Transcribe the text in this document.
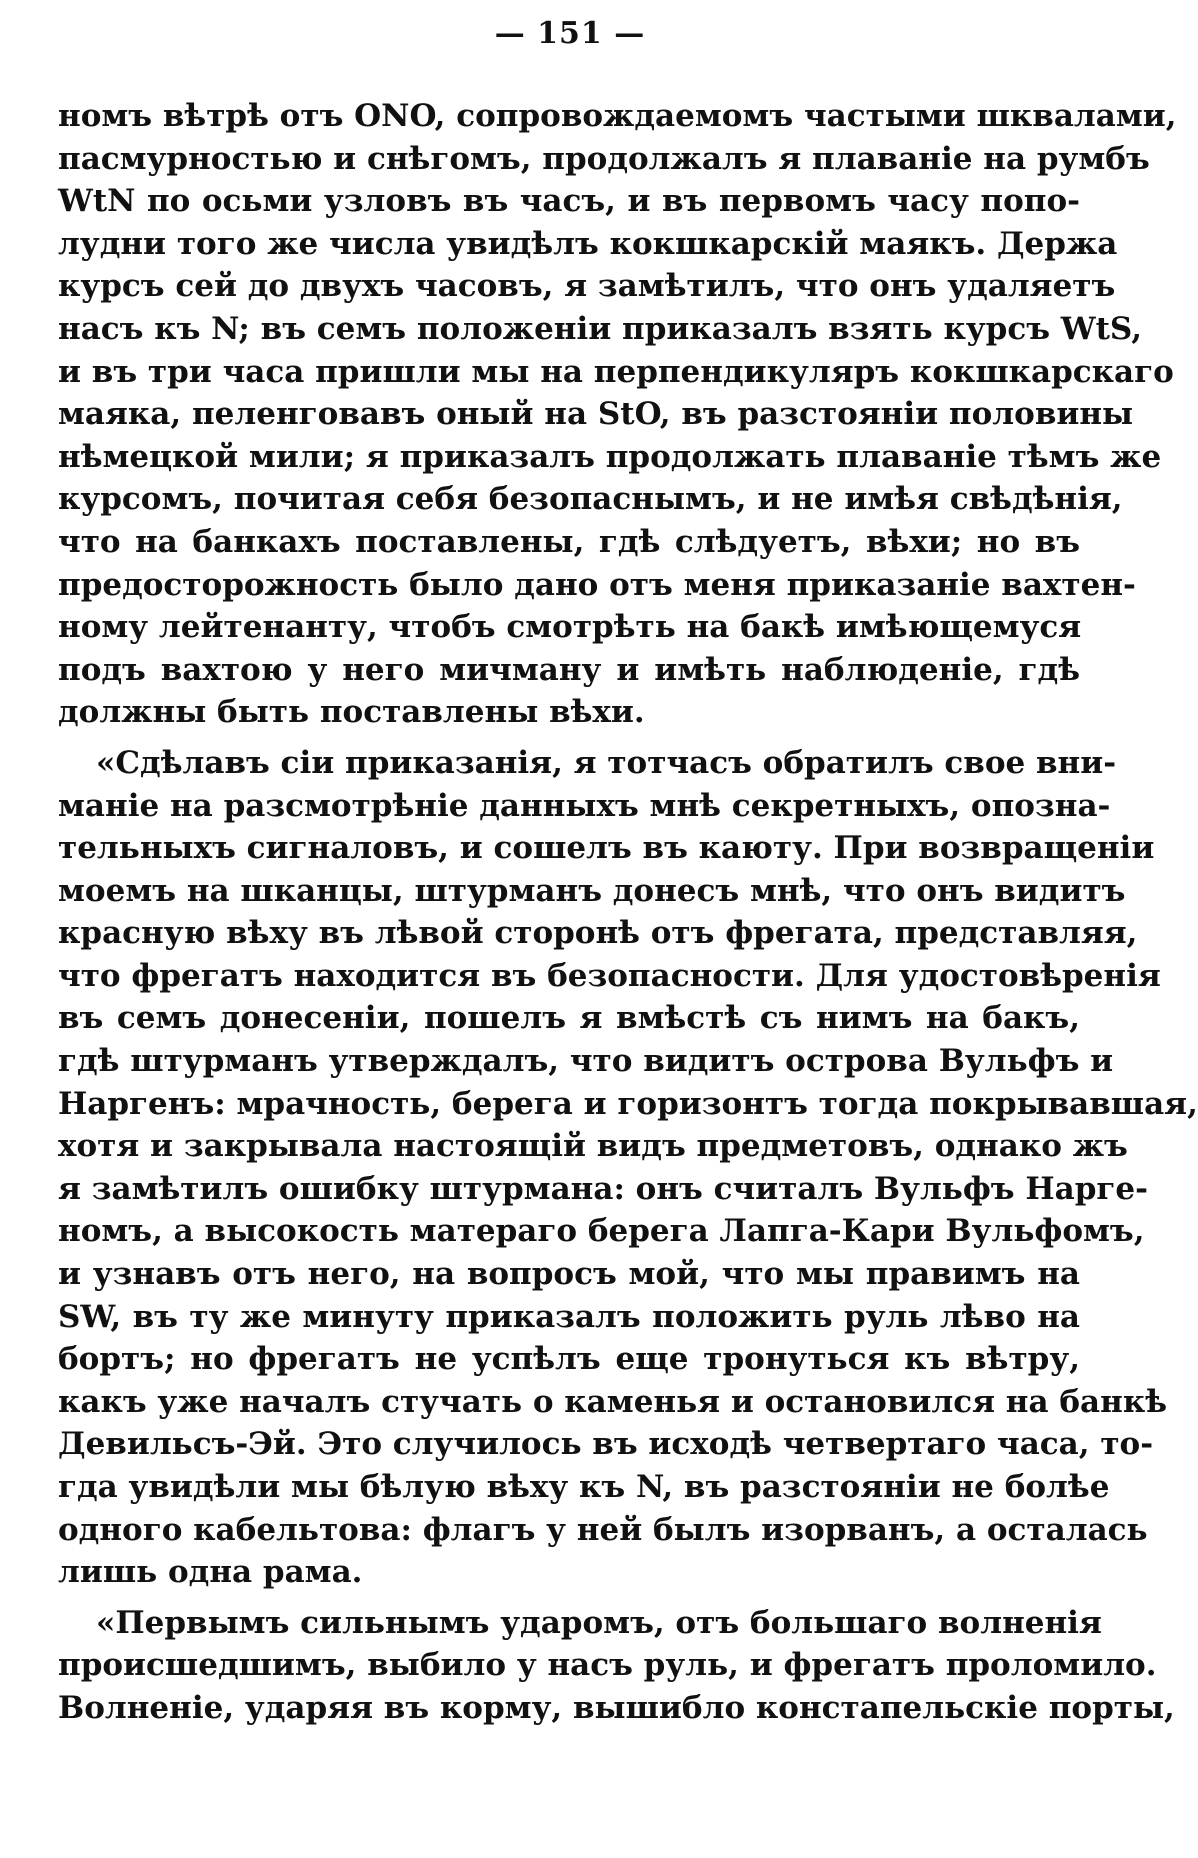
— 151 —
номъ вѣтрѣ отъ ONO, сопровождаемомъ частыми шквалами,
пасмурностью и снѣгомъ, продолжалъ я плаваніе на румбъ
WtN по осьми узловъ въ часъ, и въ первомъ часу попо-
лудни того же числа увидѣлъ кокшкарскій маякъ. Держа
курсъ сей до двухъ часовъ, я замѣтилъ, что онъ удаляетъ
насъ къ N; въ семъ положеніи приказалъ взять курсъ WtS,
и въ три часа пришли мы на перпендикуляръ кокшкарскаго
маяка, пеленговавъ оный на StO, въ разстояніи половины
нѣмецкой мили; я приказалъ продолжать плаваніе тѣмъ же
курсомъ, почитая себя безопаснымъ, и не имѣя свѣдѣнія,
что на банкахъ поставлены, гдѣ слѣдуетъ, вѣхи; но въ
предосторожность было дано отъ меня приказаніе вахтен-
ному лейтенанту, чтобъ смотрѣть на бакѣ имѣющемуся
подъ вахтою у него мичману и имѣть наблюденіе, гдѣ
должны быть поставлены вѣхи.
«Сдѣлавъ сіи приказанія, я тотчасъ обратилъ свое вни-
маніе на разсмотрѣніе данныхъ мнѣ секретныхъ, опозна-
тельныхъ сигналовъ, и сошелъ въ каюту. При возвращеніи
моемъ на шканцы, штурманъ донесъ мнѣ, что онъ видитъ
красную вѣху въ лѣвой сторонѣ отъ фрегата, представляя,
что фрегатъ находится въ безопасности. Для удостовѣренія
въ семъ донесеніи, пошелъ я вмѣстѣ съ нимъ на бакъ,
гдѣ штурманъ утверждалъ, что видитъ острова Вульфъ и
Наргенъ: мрачность, берега и горизонтъ тогда покрывавшая,
хотя и закрывала настоящій видъ предметовъ, однако жъ
я замѣтилъ ошибку штурмана: онъ считалъ Вульфъ Нарге-
номъ, а высокость матераго берега Лапга-Кари Вульфомъ,
и узнавъ отъ него, на вопросъ мой, что мы правимъ на
SW, въ ту же минуту приказалъ положить руль лѣво на
бортъ; но фрегатъ не успѣлъ еще тронуться къ вѣтру,
какъ уже началъ стучать о каменья и остановился на банкѣ
Девильсъ-Эй. Это случилось въ исходѣ четвертаго часа, то-
гда увидѣли мы бѣлую вѣху къ N, въ разстояніи не болѣе
одного кабельтова: флагъ у ней былъ изорванъ, а осталась
лишь одна рама.
«Первымъ сильнымъ ударомъ, отъ большаго волненія
происшедшимъ, выбило у насъ руль, и фрегатъ проломило.
Волненіе, ударяя въ корму, вышибло констапельскіе порты,
